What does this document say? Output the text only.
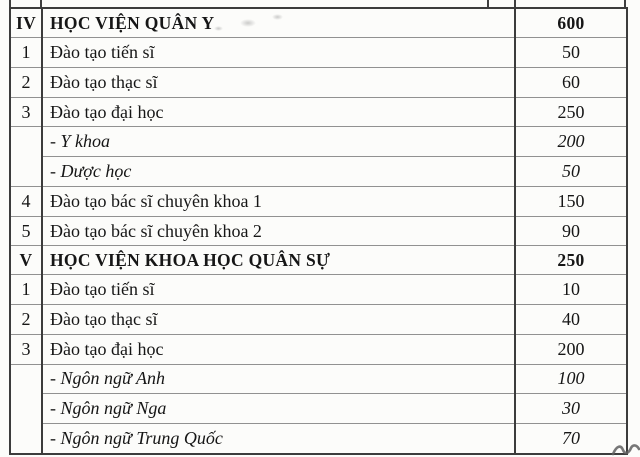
IV	HỌC VIỆN QUÂN Y	600
1	Đào tạo tiến sĩ	50
2	Đào tạo thạc sĩ	60
3	Đào tạo đại học	250
	- Y khoa	200
	- Dược học	50
4	Đào tạo bác sĩ chuyên khoa 1	150
5	Đào tạo bác sĩ chuyên khoa 2	90
V	HỌC VIỆN KHOA HỌC QUÂN SỰ	250
1	Đào tạo tiến sĩ	10
2	Đào tạo thạc sĩ	40
3	Đào tạo đại học	200
	- Ngôn ngữ Anh	100
	- Ngôn ngữ Nga	30
	- Ngôn ngữ Trung Quốc	70
